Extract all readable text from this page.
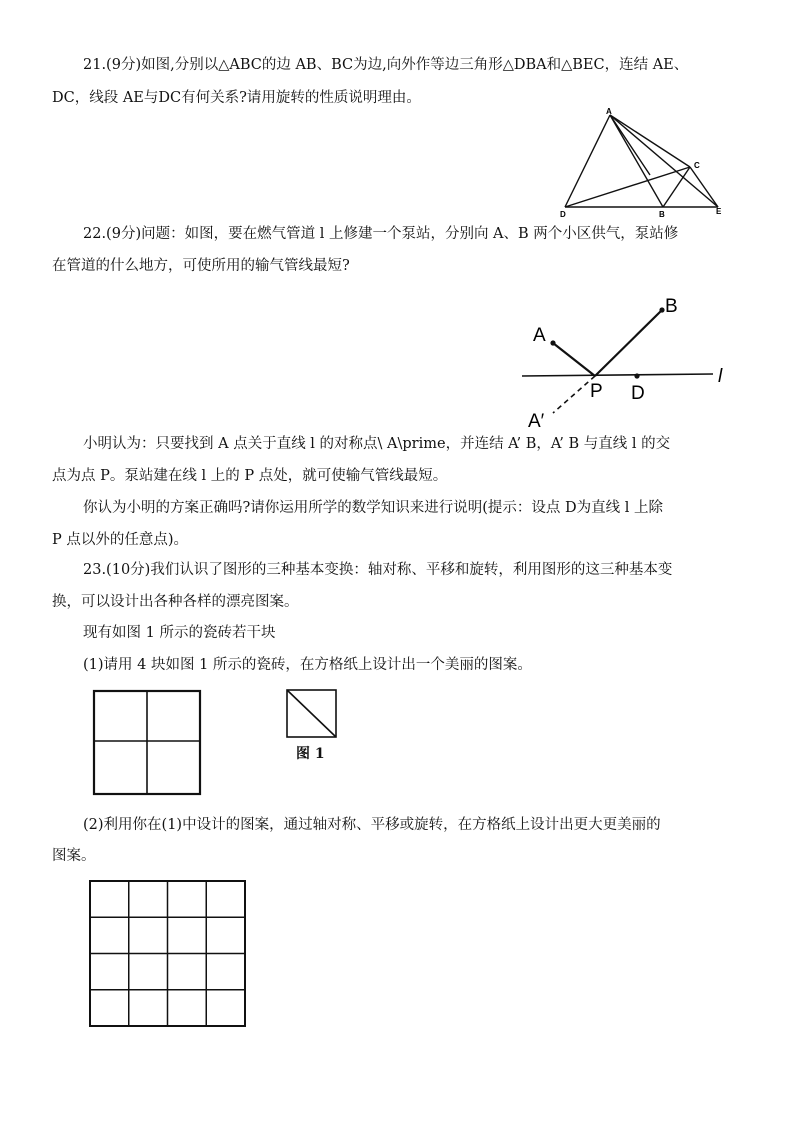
21.(9分)如图,分别以△ABC的边 AB、BC为边,向外作等边三角形△DBA和△BEC，连结 AE、
DC，线段 AE与DC有何关系?请用旋转的性质说明理由。
A
C
D	B	E
22.(9分)问题：如图，要在燃气管道 l 上修建一个泵站，分别向 A、B 两个小区供气，泵站修
在管道的什么地方，可使所用的输气管线最短?
A
B
P D
l
A′
小明认为：只要找到 A 点关于直线 l 的对称点\ A\prime，并连结 A’ B，A’ B 与直线 l 的交
点为点 P。泵站建在线 l 上的 P 点处，就可使输气管线最短。
你认为小明的方案正确吗?请你运用所学的数学知识来进行说明(提示：设点 D为直线 l 上除
P 点以外的任意点)。
23.(10分)我们认识了图形的三种基本变换：轴对称、平移和旋转，利用图形的这三种基本变
换，可以设计出各种各样的漂亮图案。
现有如图 1 所示的瓷砖若干块
(1)请用 4 块如图 1 所示的瓷砖，在方格纸上设计出一个美丽的图案。
图 1
(2)利用你在(1)中设计的图案，通过轴对称、平移或旋转，在方格纸上设计出更大更美丽的
图案。
